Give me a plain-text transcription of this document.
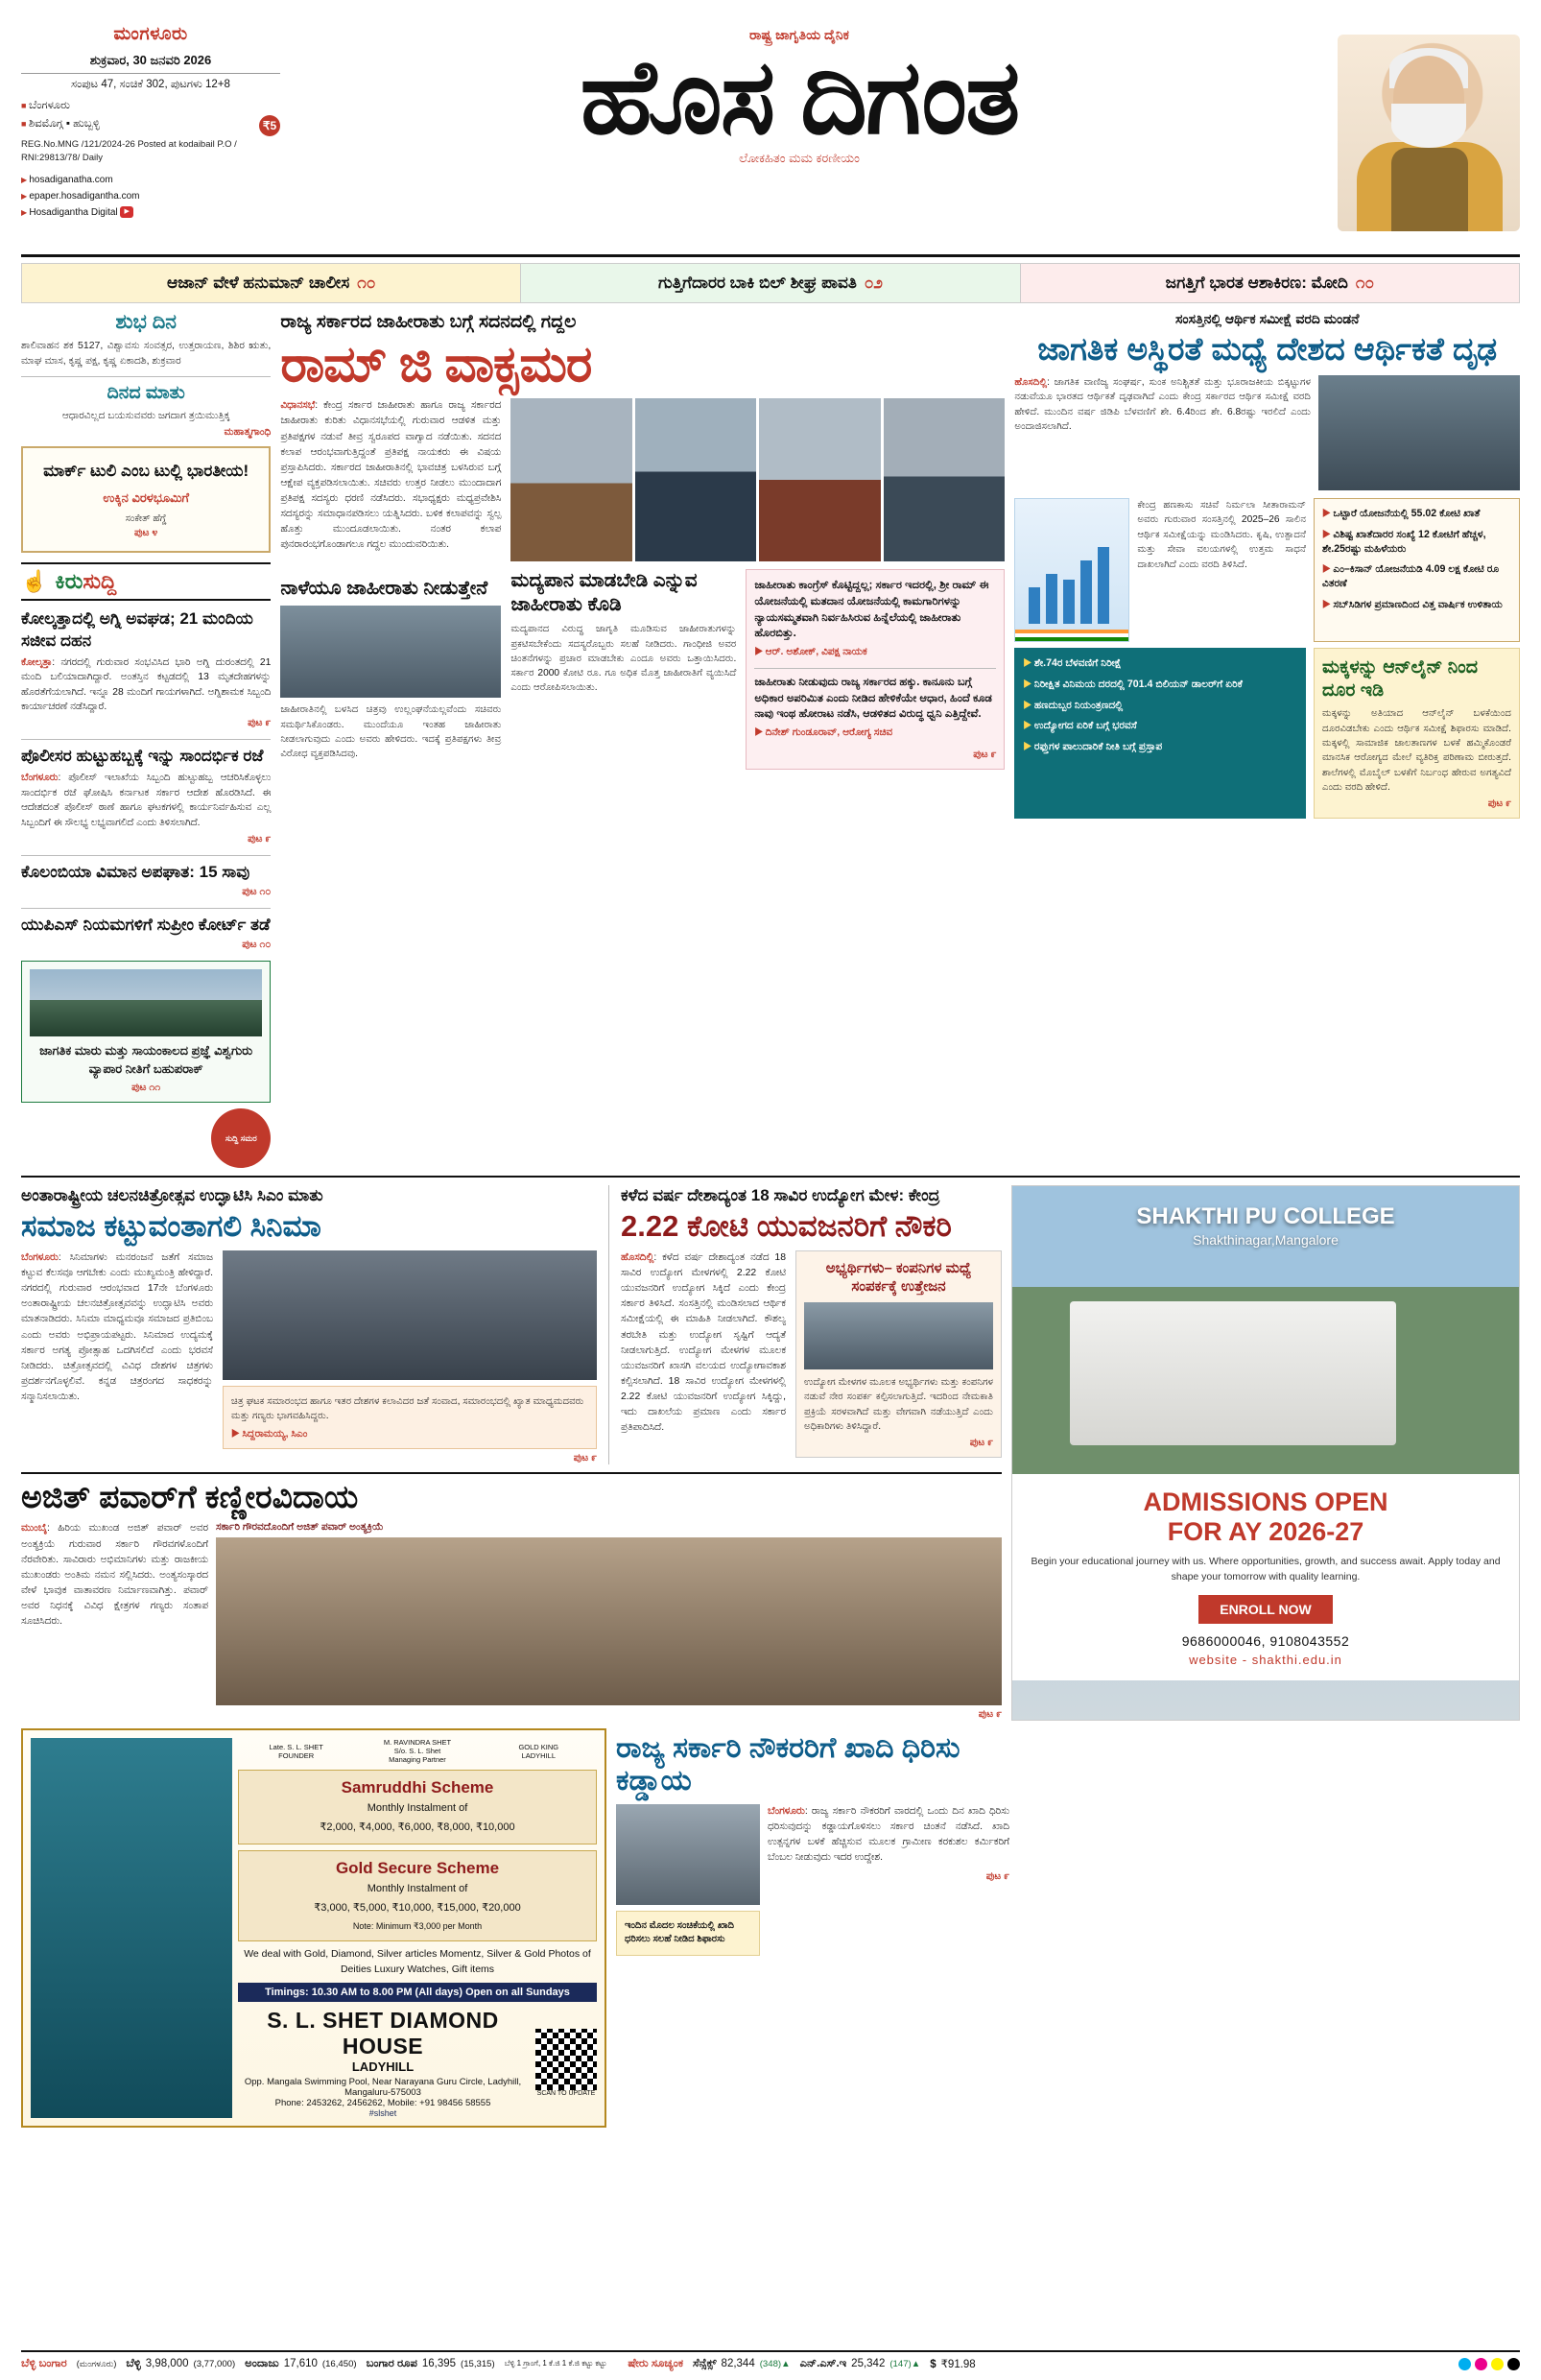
ಮಂಗಳೂರು
ಶುಕ್ರವಾರ, 30 ಜನವರಿ 2026
ಸಂಪುಟ 47, ಸಂಚಿಕೆ 302, ಪುಟಗಳು 12+8
■ ಬೆಂಗಳೂರು
■ ಶಿವಮೊಗ್ಗ ▪ ಹುಬ್ಬಳ್ಳಿ	₹5
REG.No.MNG /121/2024-26 Posted at kodaibail P.O / RNI:29813/78/ Daily
▶ hosadiganatha.com
▶ epaper.hosadigantha.com
▶ Hosadigantha Digital ▶
ರಾಷ್ಟ್ರ ಜಾಗೃತಿಯ ದೈನಿಕ
ಹೊಸ ದಿಗಂತ
ಲೋಕಹಿತಂ ಮಮ ಕರಣೀಯಂ
ಆಜಾನ್ ವೇಳೆ ಹನುಮಾನ್ ಚಾಲೀಸ ೧೦	ಗುತ್ತಿಗೆದಾರರ ಬಾಕಿ ಬಿಲ್ ಶೀಘ್ರ ಪಾವತಿ ೦೨	ಜಗತ್ತಿಗೆ ಭಾರತ ಆಶಾಕಿರಣ: ಮೋದಿ ೧೦
ಶುಭ ದಿನ
ಶಾಲಿವಾಹನ ಶಕ 5127, ವಿಶ್ವಾವಸು ಸಂವತ್ಸರ, ಉತ್ತರಾಯಣ, ಶಿಶಿರ ಋತು, ಮಾಘ ಮಾಸ, ಕೃಷ್ಣ ಪಕ್ಷ, ಕೃಷ್ಣ ಏಕಾದಶಿ, ಶುಕ್ರವಾರ
ದಿನದ ಮಾತು
ಆಧಾರವಿಲ್ಲದ ಬಯಸುವವರು ಜಗದಾಗ ತ್ರಯಿಮುತ್ತಿಕ್ಕ
ಮಹಾತ್ಮಗಾಂಧಿ
ಮಾರ್ಕ್ ಟುಲಿ ಎಂಬ ಟುಲ್ಲಿ ಭಾರತೀಯ!
ಉಕ್ಕಿನ ವಿರಳಭೂಮಿಗೆ
ಸಂಕೇತ್ ಹೆಗ್ಡೆ
ಪುಟ ೪
☝ ಕಿರುಸುದ್ದಿ
ಕೋಲ್ಕತ್ತಾದಲ್ಲಿ ಅಗ್ನಿ ಅವಘಡ; 21 ಮಂದಿಯ ಸಜೀವ ದಹನ
ಕೋಲ್ಕತ್ತಾ: ನಗರದಲ್ಲಿ ಗುರುವಾರ ಸಂಭವಿಸಿದ ಭಾರಿ ಅಗ್ನಿ ದುರಂತದಲ್ಲಿ 21 ಮಂದಿ ಬಲಿಯಾದಾಗಿದ್ದಾರೆ. ಅಂತಸ್ತಿನ ಕಟ್ಟಡದಲ್ಲಿ 13 ಮೃತದೇಹಗಳನ್ನು ಹೊರತೆಗೆಯಲಾಗಿದೆ. ಇನ್ನೂ 28 ಮಂದಿಗೆ ಗಾಯಗಳಾಗಿದೆ. ಅಗ್ನಿಶಾಮಕ ಸಿಬ್ಬಂದಿ ಕಾರ್ಯಾಚರಣೆ ನಡೆಸಿದ್ದಾರೆ.
ಪುಟ ೯
ಪೊಲೀಸರ ಹುಟ್ಟುಹಬ್ಬಕ್ಕೆ ಇನ್ನು ಸಾಂದರ್ಭಿಕ ರಜೆ
ಬೆಂಗಳೂರು: ಪೊಲೀಸ್ ಇಲಾಖೆಯ ಸಿಬ್ಬಂದಿ ಹುಟ್ಟುಹಬ್ಬ ಆಚರಿಸಿಕೊಳ್ಳಲು ಸಾಂದರ್ಭಿಕ ರಜೆ ಘೋಷಿಸಿ ಕರ್ನಾಟಕ ಸರ್ಕಾರ ಆದೇಶ ಹೊರಡಿಸಿದೆ. ಈ ಆದೇಶದಂತೆ ಪೊಲೀಸ್ ಠಾಣೆ ಹಾಗೂ ಘಟಕಗಳಲ್ಲಿ ಕಾರ್ಯನಿರ್ವಹಿಸುವ ಎಲ್ಲ ಸಿಬ್ಬಂದಿಗೆ ಈ ಸೌಲಭ್ಯ ಲಭ್ಯವಾಗಲಿದೆ ಎಂದು ತಿಳಿಸಲಾಗಿದೆ.
ಪುಟ ೯
ಕೊಲಂಬಿಯಾ ವಿಮಾನ ಅಪಘಾತ: 15 ಸಾವು
ಪುಟ ೧೦
ಯುಪಿಎಸ್‌ ನಿಯಮಗಳಿಗೆ ಸುಪ್ರೀಂ ಕೋರ್ಟ್‌ ತಡೆ
ಪುಟ ೧೦
ಜಾಗತಿಕ ಮಾರು ಮತ್ತು ಸಾಯಂಕಾಲದ ಪ್ರಜ್ಞೆ ವಿಶ್ವಗುರು ವ್ಯಾಪಾರ ನೀತಿಗೆ ಬಹುಪರಾಕ್
ಪುಟ ೧೧
ಸುದ್ದಿ ಸಮರ
ರಾಜ್ಯ ಸರ್ಕಾರದ ಜಾಹೀರಾತು ಬಗ್ಗೆ ಸದನದಲ್ಲಿ ಗದ್ದಲ
ರಾಮ್ ಜಿ ವಾಕ್ಸಮರ
ವಿಧಾನಸಭೆ: ಕೇಂದ್ರ ಸರ್ಕಾರ ಜಾಹೀರಾತು ಹಾಗೂ ರಾಜ್ಯ ಸರ್ಕಾರದ ಜಾಹೀರಾತು ಕುರಿತು ವಿಧಾನಸಭೆಯಲ್ಲಿ ಗುರುವಾರ ಆಡಳಿತ ಮತ್ತು ಪ್ರತಿಪಕ್ಷಗಳ ನಡುವೆ ತೀವ್ರ ಸ್ವರೂಪದ ವಾಗ್ವಾದ ನಡೆಯಿತು. ಸದನದ ಕಲಾಪ ಆರಂಭವಾಗುತ್ತಿದ್ದಂತೆ ಪ್ರತಿಪಕ್ಷ ನಾಯಕರು ಈ ವಿಷಯ ಪ್ರಸ್ತಾಪಿಸಿದರು. ಸರ್ಕಾರದ ಜಾಹೀರಾತಿನಲ್ಲಿ ಭಾವಚಿತ್ರ ಬಳಸಿರುವ ಬಗ್ಗೆ ಆಕ್ಷೇಪ ವ್ಯಕ್ತಪಡಿಸಲಾಯಿತು. ಸಚಿವರು ಉತ್ತರ ನೀಡಲು ಮುಂದಾದಾಗ ಪ್ರತಿಪಕ್ಷ ಸದಸ್ಯರು ಧರಣಿ ನಡೆಸಿದರು. ಸಭಾಧ್ಯಕ್ಷರು ಮಧ್ಯಪ್ರವೇಶಿಸಿ ಸದಸ್ಯರನ್ನು ಸಮಾಧಾನಪಡಿಸಲು ಯತ್ನಿಸಿದರು. ಬಳಿಕ ಕಲಾಪವನ್ನು ಸ್ವಲ್ಪ ಹೊತ್ತು ಮುಂದೂಡಲಾಯಿತು. ನಂತರ ಕಲಾಪ ಪುನರಾರಂಭಗೊಂಡಾಗಲೂ ಗದ್ದಲ ಮುಂದುವರಿಯಿತು.
ನಾಳೆಯೂ ಜಾಹೀರಾತು ನೀಡುತ್ತೇನೆ
ಜಾಹೀರಾತಿನಲ್ಲಿ ಬಳಸಿದ ಚಿತ್ರವು ಉಲ್ಲಂಘನೆಯಲ್ಲವೆಂದು ಸಚಿವರು ಸಮರ್ಥಿಸಿಕೊಂಡರು. ಮುಂದೆಯೂ ಇಂತಹ ಜಾಹೀರಾತು ನೀಡಲಾಗುವುದು ಎಂದು ಅವರು ಹೇಳಿದರು. ಇದಕ್ಕೆ ಪ್ರತಿಪಕ್ಷಗಳು ತೀವ್ರ ವಿರೋಧ ವ್ಯಕ್ತಪಡಿಸಿದವು.
ಮದ್ಯಪಾನ ಮಾಡಬೇಡಿ ಎನ್ನುವ ಜಾಹೀರಾತು ಕೊಡಿ
ಮದ್ಯಪಾನದ ವಿರುದ್ಧ ಜಾಗೃತಿ ಮೂಡಿಸುವ ಜಾಹೀರಾತುಗಳನ್ನು ಪ್ರಕಟಿಸಬೇಕೆಂದು ಸದಸ್ಯರೊಬ್ಬರು ಸಲಹೆ ನೀಡಿದರು. ಗಾಂಧೀಜಿ ಅವರ ಚಿಂತನೆಗಳನ್ನು ಪ್ರಚಾರ ಮಾಡಬೇಕು ಎಂದೂ ಅವರು ಒತ್ತಾಯಿಸಿದರು. ಸರ್ಕಾರ 2000 ಕೋಟಿ ರೂ. ಗೂ ಅಧಿಕ ಮೊತ್ತ ಜಾಹೀರಾತಿಗೆ ವ್ಯಯಿಸಿದೆ ಎಂದು ಆರೋಪಿಸಲಾಯಿತು.
ಜಾಹೀರಾತು ಕಾಂಗ್ರೆಸ್ ಕೊಟ್ಟಿದ್ದಲ್ಲ; ಸರ್ಕಾರ ಇದರಲ್ಲಿ, ಶ್ರೀ ರಾಮ್‌ ಈ ಯೋಜನೆಯಲ್ಲಿ ಮತದಾನ ಯೋಜನೆಯಲ್ಲಿ ಕಾಮಗಾರಿಗಳನ್ನು ನ್ಯಾಯಸಮ್ಮತವಾಗಿ ನಿರ್ವಹಿಸಿರುವ ಹಿನ್ನೆಲೆಯಲ್ಲಿ ಜಾಹೀರಾತು ಹೊರಬಿತ್ತು.
▶ ಆರ್. ಅಶೋಕ್, ವಿಪಕ್ಷ ನಾಯಕ
ಜಾಹೀರಾತು ನೀಡುವುದು ರಾಜ್ಯ ಸರ್ಕಾರದ ಹಕ್ಕು. ಕಾನೂನು ಬಗ್ಗೆ ಅಧಿಕಾರ ಅಪರಿಮಿತ ಎಂದು ನೀಡಿದ ಹೇಳಿಕೆಯೇ ಆಧಾರ, ಹಿಂದೆ ಕೂಡ ನಾವು ಇಂಥ ಹೋರಾಟ ನಡೆಸಿ, ಆಡಳಿತದ ವಿರುದ್ಧ ಧ್ವನಿ ಎತ್ತಿದ್ದೇವೆ.
▶ ದಿನೇಶ್‌ ಗುಂಡೂರಾವ್‌, ಆರೋಗ್ಯ ಸಚಿವ
ಪುಟ ೯
ಸಂಸತ್ತಿನಲ್ಲಿ ಆರ್ಥಿಕ ಸಮೀಕ್ಷೆ ವರದಿ ಮಂಡನೆ
ಜಾಗತಿಕ ಅಸ್ಥಿರತೆ ಮಧ್ಯೆ ದೇಶದ ಆರ್ಥಿಕತೆ ದೃಢ
ಹೊಸದಿಲ್ಲಿ: ಜಾಗತಿಕ ವಾಣಿಜ್ಯ ಸಂಘರ್ಷ, ಸುಂಕ ಅನಿಶ್ಚಿತತೆ ಮತ್ತು ಭೂರಾಜಕೀಯ ಬಿಕ್ಕಟ್ಟುಗಳ ನಡುವೆಯೂ ಭಾರತದ ಆರ್ಥಿಕತೆ ದೃಢವಾಗಿದೆ ಎಂದು ಕೇಂದ್ರ ಸರ್ಕಾರದ ಆರ್ಥಿಕ ಸಮೀಕ್ಷೆ ವರದಿ ಹೇಳಿದೆ. ಮುಂದಿನ ವರ್ಷ ಜಿಡಿಪಿ ಬೆಳವಣಿಗೆ ಶೇ. 6.4ರಿಂದ ಶೇ. 6.8ರಷ್ಟು ಇರಲಿದೆ ಎಂದು ಅಂದಾಜಿಸಲಾಗಿದೆ.
ಕೇಂದ್ರ ಹಣಕಾಸು ಸಚಿವೆ ನಿರ್ಮಲಾ ಸೀತಾರಾಮನ್ ಅವರು ಗುರುವಾರ ಸಂಸತ್ತಿನಲ್ಲಿ 2025–26 ಸಾಲಿನ ಆರ್ಥಿಕ ಸಮೀಕ್ಷೆಯನ್ನು ಮಂಡಿಸಿದರು. ಕೃಷಿ, ಉತ್ಪಾದನೆ ಮತ್ತು ಸೇವಾ ವಲಯಗಳಲ್ಲಿ ಉತ್ತಮ ಸಾಧನೆ ದಾಖಲಾಗಿದೆ ಎಂದು ವರದಿ ತಿಳಿಸಿದೆ.
▶ ಒಟ್ಟಾರೆ ಯೋಜನೆಯಲ್ಲಿ 55.02 ಕೋಟಿ ಖಾತೆ
▶ ವಿಶಿಷ್ಟ ಖಾತೆದಾರರ ಸಂಖ್ಯೆ 12 ಕೋಟಿಗೆ ಹೆಚ್ಚಳ, ಶೇ.25ರಷ್ಟು ಮಹಿಳೆಯರು
▶ ಎಂ–ಕಿಸಾನ್ ಯೋಜನೆಯಡಿ 4.09 ಲಕ್ಷ ಕೋಟಿ ರೂ ವಿತರಣೆ
▶ ಸಬ್‌ಸಿಡಿಗಳ ಪ್ರಮಾಣದಿಂದ ವಿತ್ತ ವಾರ್ಷಿಕ ಉಳಿತಾಯ
▶ ಶೇ.74ರ ಬೆಳವಣಿಗೆ ನಿರೀಕ್ಷೆ
▶ ನಿರೀಕ್ಷಿತ ವಿನಿಮಯ ದರದಲ್ಲಿ 701.4 ಬಿಲಿಯನ್ ಡಾಲರ್‌ಗೆ ಏರಿಕೆ
▶ ಹಣದುಬ್ಬರ ನಿಯಂತ್ರಣದಲ್ಲಿ
▶ ಉದ್ಯೋಗದ ಏರಿಕೆ ಬಗ್ಗೆ ಭರವಸೆ
▶ ರಫ್ತುಗಳ ಪಾಲುದಾರಿಕೆ ನೀತಿ ಬಗ್ಗೆ ಪ್ರಸ್ತಾಪ
ಮಕ್ಕಳನ್ನು ಆನ್‌ಲೈನ್‌ ನಿಂದ ದೂರ ಇಡಿ
ಮಕ್ಕಳನ್ನು ಅತಿಯಾದ ಆನ್‌ಲೈನ್ ಬಳಕೆಯಿಂದ ದೂರವಿಡಬೇಕು ಎಂದು ಆರ್ಥಿಕ ಸಮೀಕ್ಷೆ ಶಿಫಾರಸು ಮಾಡಿದೆ. ಮಕ್ಕಳಲ್ಲಿ ಸಾಮಾಜಿಕ ಜಾಲತಾಣಗಳ ಬಳಕೆ ಹಮ್ಮಿಕೊಂಡರೆ ಮಾನಸಿಕ ಆರೋಗ್ಯದ ಮೇಲೆ ವ್ಯತಿರಿಕ್ತ ಪರಿಣಾಮ ಬೀರುತ್ತದೆ. ಶಾಲೆಗಳಲ್ಲಿ ಮೊಬೈಲ್ ಬಳಕೆಗೆ ನಿರ್ಬಂಧ ಹೇರುವ ಅಗತ್ಯವಿದೆ ಎಂದು ವರದಿ ಹೇಳಿದೆ.
ಪುಟ ೯
ಅಂತಾರಾಷ್ಟ್ರೀಯ ಚಲನಚಿತ್ರೋತ್ಸವ ಉದ್ಘಾಟಿಸಿ ಸಿಎಂ ಮಾತು
ಸಮಾಜ ಕಟ್ಟುವಂತಾಗಲಿ ಸಿನಿಮಾ
ಬೆಂಗಳೂರು: ಸಿನಿಮಾಗಳು ಮನರಂಜನೆ ಜತೆಗೆ ಸಮಾಜ ಕಟ್ಟುವ ಕೆಲಸವೂ ಆಗಬೇಕು ಎಂದು ಮುಖ್ಯಮಂತ್ರಿ ಹೇಳಿದ್ದಾರೆ. ನಗರದಲ್ಲಿ ಗುರುವಾರ ಆರಂಭವಾದ 17ನೇ ಬೆಂಗಳೂರು ಅಂತಾರಾಷ್ಟ್ರೀಯ ಚಲನಚಿತ್ರೋತ್ಸವವನ್ನು ಉದ್ಘಾಟಿಸಿ ಅವರು ಮಾತನಾಡಿದರು. ಸಿನಿಮಾ ಮಾಧ್ಯಮವೂ ಸಮಾಜದ ಪ್ರತಿಬಿಂಬ ಎಂದು ಅವರು ಅಭಿಪ್ರಾಯಪಟ್ಟರು. ಸಿನಿಮಾದ ಉದ್ಯಮಕ್ಕೆ ಸರ್ಕಾರ ಅಗತ್ಯ ಪ್ರೋತ್ಸಾಹ ಒದಗಿಸಲಿದೆ ಎಂದು ಭರವಸೆ ನೀಡಿದರು. ಚಿತ್ರೋತ್ಸವದಲ್ಲಿ ವಿವಿಧ ದೇಶಗಳ ಚಿತ್ರಗಳು ಪ್ರದರ್ಶನಗೊಳ್ಳಲಿವೆ. ಕನ್ನಡ ಚಿತ್ರರಂಗದ ಸಾಧಕರನ್ನು ಸನ್ಮಾನಿಸಲಾಯಿತು.	ಚಿತ್ರ ಘಟಕ ಸಮಾರಂಭದ ಹಾಗೂ ಇತರ ದೇಶಗಳ ಕಲಾವಿದರ ಜತೆ ಸಂವಾದ, ಸಮಾರಂಭದಲ್ಲಿ ಖ್ಯಾತ ಮಾಧ್ಯಮದವರು ಮತ್ತು ಗಣ್ಯರು ಭಾಗವಹಿಸಿದ್ದರು.
▶ ಸಿದ್ದರಾಮಯ್ಯ, ಸಿಎಂ
ಪುಟ ೯
ಕಳೆದ ವರ್ಷ ದೇಶಾದ್ಯಂತ 18 ಸಾವಿರ ಉದ್ಯೋಗ ಮೇಳ: ಕೇಂದ್ರ
2.22 ಕೋಟಿ ಯುವಜನರಿಗೆ ನೌಕರಿ
ಹೊಸದಿಲ್ಲಿ: ಕಳೆದ ವರ್ಷ ದೇಶಾದ್ಯಂತ ನಡೆದ 18 ಸಾವಿರ ಉದ್ಯೋಗ ಮೇಳಗಳಲ್ಲಿ 2.22 ಕೋಟಿ ಯುವಜನರಿಗೆ ಉದ್ಯೋಗ ಸಿಕ್ಕಿದೆ ಎಂದು ಕೇಂದ್ರ ಸರ್ಕಾರ ತಿಳಿಸಿದೆ. ಸಂಸತ್ತಿನಲ್ಲಿ ಮಂಡಿಸಲಾದ ಆರ್ಥಿಕ ಸಮೀಕ್ಷೆಯಲ್ಲಿ ಈ ಮಾಹಿತಿ ನೀಡಲಾಗಿದೆ. ಕೌಶಲ್ಯ ತರಬೇತಿ ಮತ್ತು ಉದ್ಯೋಗ ಸೃಷ್ಟಿಗೆ ಆದ್ಯತೆ ನೀಡಲಾಗುತ್ತಿದೆ. ಉದ್ಯೋಗ ಮೇಳಗಳ ಮೂಲಕ ಯುವಜನರಿಗೆ ಖಾಸಗಿ ವಲಯದ ಉದ್ಯೋಗಾವಕಾಶ ಕಲ್ಪಿಸಲಾಗಿದೆ. 18 ಸಾವಿರ ಉದ್ಯೋಗ ಮೇಳಗಳಲ್ಲಿ 2.22 ಕೋಟಿ ಯುವಜನರಿಗೆ ಉದ್ಯೋಗ ಸಿಕ್ಕಿದ್ದು, ಇದು ದಾಖಲೆಯ ಪ್ರಮಾಣ ಎಂದು ಸರ್ಕಾರ ಪ್ರತಿಪಾದಿಸಿದೆ.
ಅಭ್ಯರ್ಥಿಗಳು– ಕಂಪನಿಗಳ ಮಧ್ಯೆ ಸಂಪರ್ಕಕ್ಕೆ ಉತ್ತೇಜನ
ಉದ್ಯೋಗ ಮೇಳಗಳ ಮೂಲಕ ಅಭ್ಯರ್ಥಿಗಳು ಮತ್ತು ಕಂಪನಿಗಳ ನಡುವೆ ನೇರ ಸಂಪರ್ಕ ಕಲ್ಪಿಸಲಾಗುತ್ತಿದೆ. ಇದರಿಂದ ನೇಮಕಾತಿ ಪ್ರಕ್ರಿಯೆ ಸರಳವಾಗಿದೆ ಮತ್ತು ವೇಗವಾಗಿ ನಡೆಯುತ್ತಿದೆ ಎಂದು ಅಧಿಕಾರಿಗಳು ತಿಳಿಸಿದ್ದಾರೆ.
ಪುಟ ೯
ಅಜಿತ್ ಪವಾರ್‌ಗೆ ಕಣ್ಣೀರವಿದಾಯ
ಮುಂಬೈ: ಹಿರಿಯ ಮುಖಂಡ ಅಜಿತ್ ಪವಾರ್ ಅವರ ಅಂತ್ಯಕ್ರಿಯೆ ಗುರುವಾರ ಸರ್ಕಾರಿ ಗೌರವಗಳೊಂದಿಗೆ ನೆರವೇರಿತು. ಸಾವಿರಾರು ಅಭಿಮಾನಿಗಳು ಮತ್ತು ರಾಜಕೀಯ ಮುಖಂಡರು ಅಂತಿಮ ನಮನ ಸಲ್ಲಿಸಿದರು. ಅಂತ್ಯಸಂಸ್ಕಾರದ ವೇಳೆ ಭಾವುಕ ವಾತಾವರಣ ನಿರ್ಮಾಣವಾಗಿತ್ತು. ಪವಾರ್ ಅವರ ನಿಧನಕ್ಕೆ ವಿವಿಧ ಕ್ಷೇತ್ರಗಳ ಗಣ್ಯರು ಸಂತಾಪ ಸೂಚಿಸಿದರು.
ಸರ್ಕಾರಿ ಗೌರವದೊಂದಿಗೆ ಅಜಿತ್ ಪವಾರ್ ಅಂತ್ಯಕ್ರಿಯೆ
ಪುಟ ೯
SHAKTHI PU COLLEGE
Shakthinagar,Mangalore
ADMISSIONS OPEN
FOR AY 2026-27
Begin your educational journey with us. Where opportunities, growth, and success await. Apply today and shape your tomorrow with quality learning.
ENROLL NOW
9686000046, 9108043552
website - shakthi.edu.in
Late. S. L. SHET FOUNDER
M. RAVINDRA SHET S/o. S. L. Shet Managing Partner
GOLD KING LADYHILL
Samruddhi Scheme

Monthly Instalment of

₹2,000, ₹4,000, ₹6,000, ₹8,000, ₹10,000

Gold Secure Scheme

Monthly Instalment of

₹3,000, ₹5,000, ₹10,000, ₹15,000, ₹20,000

Note: Minimum ₹3,000 per Month

We deal with Gold, Diamond, Silver articles Momentz, Silver & Gold Photos of Deities Luxury Watches, Gift items
Timings: 10.30 AM to 8.00 PM (All days) Open on all Sundays
S. L. SHET DIAMOND HOUSE
LADYHILL
Opp. Mangala Swimming Pool, Near Narayana Guru Circle, Ladyhill, Mangaluru-575003
Phone: 2453262, 2456262, Mobile: +91 98456 58555
#slshet
SCAN TO UPDATE
ರಾಜ್ಯ ಸರ್ಕಾರಿ ನೌಕರರಿಗೆ ಖಾದಿ ಧಿರಿಸು ಕಡ್ಡಾಯ
ಇಂದಿನ ಮೊದಲ ಸಂಚಿಕೆಯಲ್ಲಿ ಖಾದಿ ಧರಿಸಲು ಸಲಹೆ ನೀಡಿದ ಶಿಫಾರಸು
ಬೆಂಗಳೂರು: ರಾಜ್ಯ ಸರ್ಕಾರಿ ನೌಕರರಿಗೆ ವಾರದಲ್ಲಿ ಒಂದು ದಿನ ಖಾದಿ ಧಿರಿಸು ಧರಿಸುವುದನ್ನು ಕಡ್ಡಾಯಗೊಳಿಸಲು ಸರ್ಕಾರ ಚಿಂತನೆ ನಡೆಸಿದೆ. ಖಾದಿ ಉತ್ಪನ್ನಗಳ ಬಳಕೆ ಹೆಚ್ಚಿಸುವ ಮೂಲಕ ಗ್ರಾಮೀಣ ಕರಕುಶಲ ಕರ್ಮಿಕರಿಗೆ ಬೆಂಬಲ ನೀಡುವುದು ಇದರ ಉದ್ದೇಶ.
ಪುಟ ೯
ಬೆಳ್ಳಿ ಬಂಗಾರ (ಮಂಗಳೂರು) ಬೆಳ್ಳಿ 3,98,000 (3,77,000) ಅಂದಾಜು 17,610 (16,450) ಬಂಗಾರ ರೂಪ 16,395 (15,315) ಬೆಳ್ಳಿ 1 ಗ್ರಾಂಗೆ, 1 ಕೆ.ಜಿ 1 ಕೆ.ಜಿ ಕಟ್ಟು ಕಟ್ಟು ಷೇರು ಸೂಚ್ಯಂಕ ಸೆನ್ಸೆಕ್ಸ್ 82,344 (348)▲ ಎನ್‌.ಎಸ್‌.ಇ 25,342 (147)▲ $ ₹91.98
